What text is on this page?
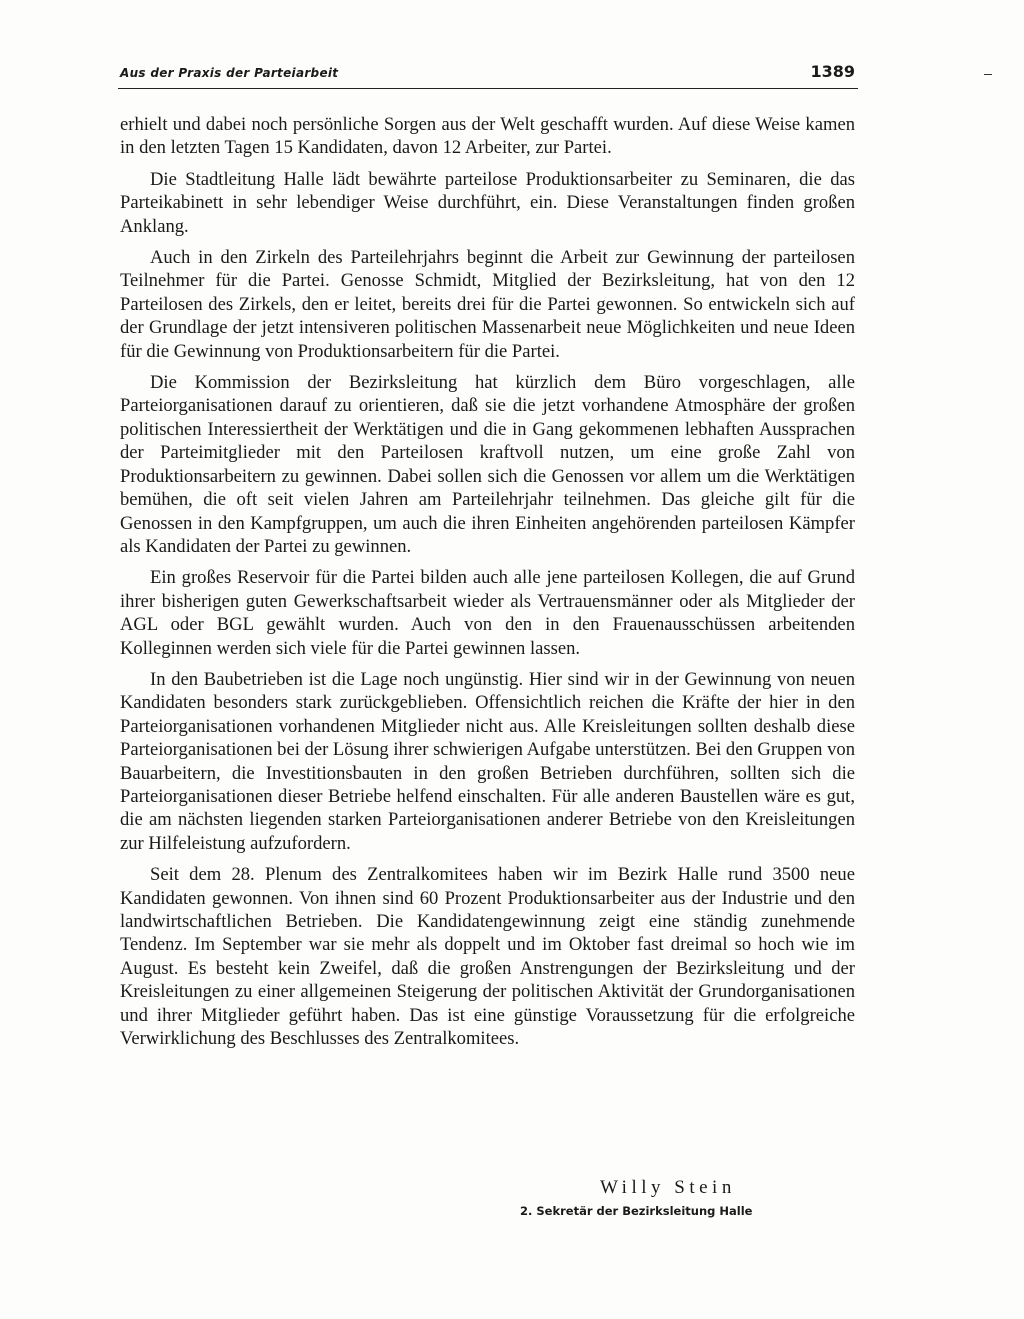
Aus der Praxis der Parteiarbeit	1389

erhielt und dabei noch persönliche Sorgen aus der Welt geschafft wurden. Auf diese Weise kamen in den letzten Tagen 15 Kandidaten, davon 12 Arbeiter, zur Partei.

Die Stadtleitung Halle lädt bewährte parteilose Produktionsarbeiter zu Seminaren, die das Parteikabinett in sehr lebendiger Weise durchführt, ein. Diese Veranstaltungen finden großen Anklang.

Auch in den Zirkeln des Parteilehrjahrs beginnt die Arbeit zur Gewinnung der parteilosen Teilnehmer für die Partei. Genosse Schmidt, Mitglied der Bezirksleitung, hat von den 12 Parteilosen des Zirkels, den er leitet, bereits drei für die Partei gewonnen. So entwickeln sich auf der Grundlage der jetzt intensiveren politischen Massenarbeit neue Möglichkeiten und neue Ideen für die Gewinnung von Produktionsarbeitern für die Partei.

Die Kommission der Bezirksleitung hat kürzlich dem Büro vorgeschlagen, alle Parteiorganisationen darauf zu orientieren, daß sie die jetzt vorhandene Atmosphäre der großen politischen Interessiertheit der Werktätigen und die in Gang gekommenen lebhaften Aussprachen der Parteimitglieder mit den Parteilosen kraftvoll nutzen, um eine große Zahl von Produktionsarbeitern zu gewinnen. Dabei sollen sich die Genossen vor allem um die Werktätigen bemühen, die oft seit vielen Jahren am Parteilehrjahr teilnehmen. Das gleiche gilt für die Genossen in den Kampfgruppen, um auch die ihren Einheiten angehörenden parteilosen Kämpfer als Kandidaten der Partei zu gewinnen.

Ein großes Reservoir für die Partei bilden auch alle jene parteilosen Kollegen, die auf Grund ihrer bisherigen guten Gewerkschaftsarbeit wieder als Vertrauensmänner oder als Mitglieder der AGL oder BGL gewählt wurden. Auch von den in den Frauenausschüssen arbeitenden Kolleginnen werden sich viele für die Partei gewinnen lassen.

In den Baubetrieben ist die Lage noch ungünstig. Hier sind wir in der Gewinnung von neuen Kandidaten besonders stark zurückgeblieben. Offensichtlich reichen die Kräfte der hier in den Parteiorganisationen vorhandenen Mitglieder nicht aus. Alle Kreisleitungen sollten deshalb diese Parteiorganisationen bei der Lösung ihrer schwierigen Aufgabe unterstützen. Bei den Gruppen von Bauarbeitern, die Investitionsbauten in den großen Betrieben durchführen, sollten sich die Parteiorganisationen dieser Betriebe helfend einschalten. Für alle anderen Baustellen wäre es gut, die am nächsten liegenden starken Parteiorganisationen anderer Betriebe von den Kreisleitungen zur Hilfeleistung aufzufordern.

Seit dem 28. Plenum des Zentralkomitees haben wir im Bezirk Halle rund 3500 neue Kandidaten gewonnen. Von ihnen sind 60 Prozent Produktionsarbeiter aus der Industrie und den landwirtschaftlichen Betrieben. Die Kandidatengewinnung zeigt eine ständig zunehmende Tendenz. Im September war sie mehr als doppelt und im Oktober fast dreimal so hoch wie im August. Es besteht kein Zweifel, daß die großen Anstrengungen der Bezirksleitung und der Kreisleitungen zu einer allgemeinen Steigerung der politischen Aktivität der Grundorganisationen und ihrer Mitglieder geführt haben. Das ist eine günstige Voraussetzung für die erfolgreiche Verwirklichung des Beschlusses des Zentralkomitees.

Willy Stein
2. Sekretär der Bezirksleitung Halle
